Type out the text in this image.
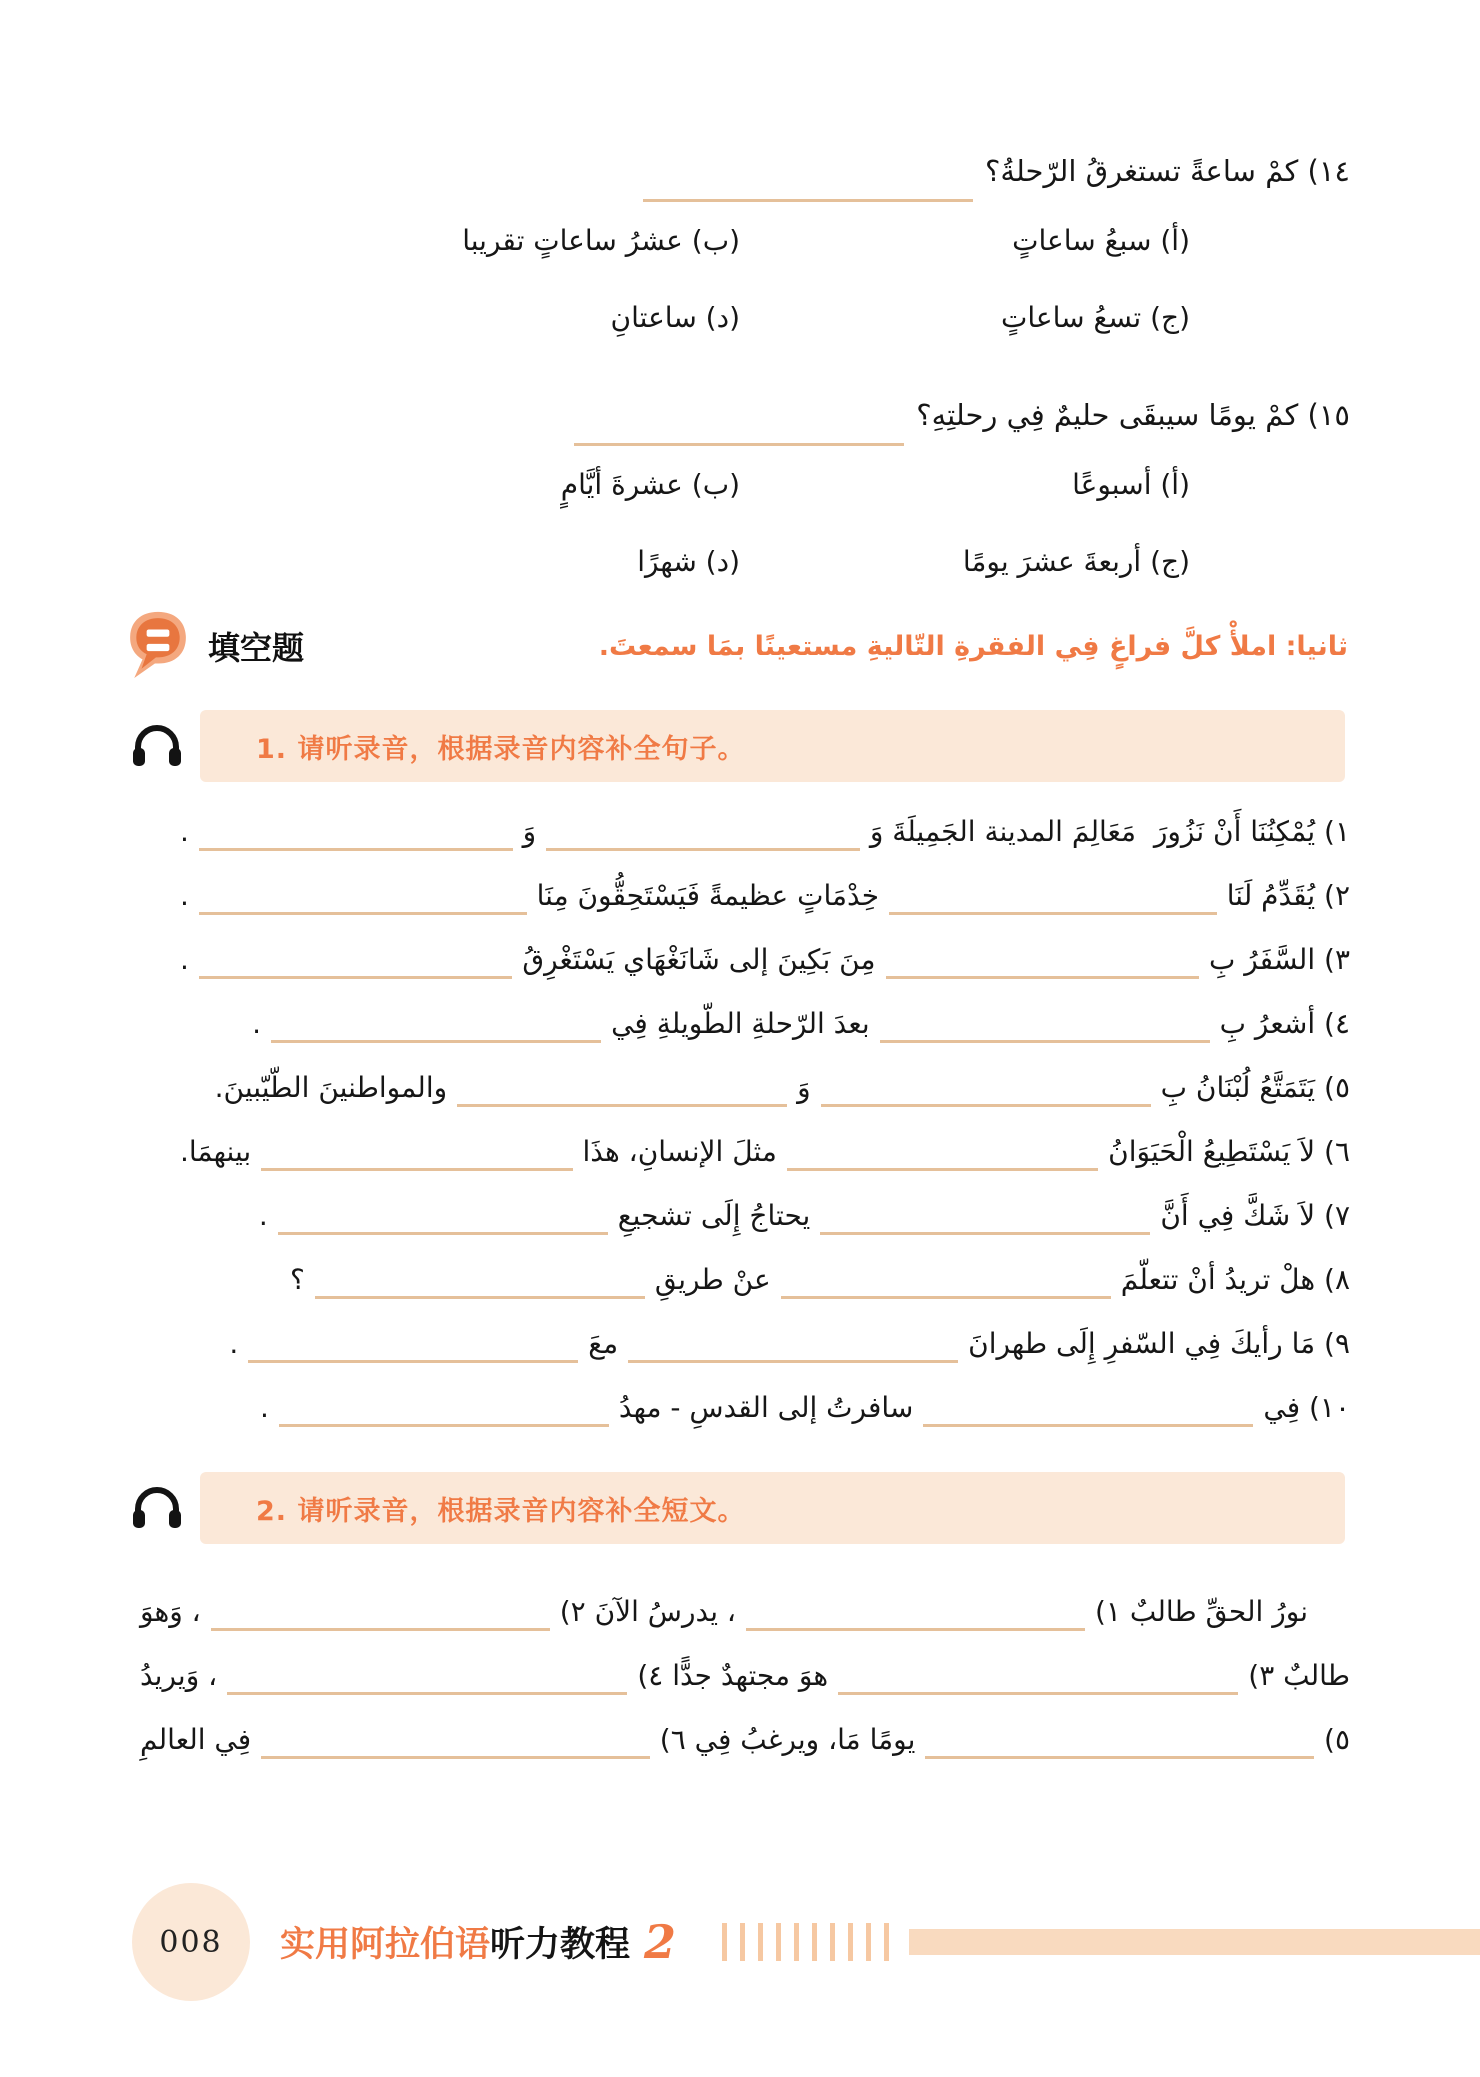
١٤) كمْ ساعةً تستغرقُ الرّحلةُ؟
(أ) سبعُ ساعاتٍ
(ب) عشرُ ساعاتٍ تقريبا
(ج) تسعُ ساعاتٍ
(د) ساعتانِ
١٥) كمْ يومًا سيبقَى حليمٌ فِي رحلتِهِ؟
(أ) أسبوعًا
(ب) عشرةَ أيَّامٍ
(ج) أربعةَ عشرَ يومًا
(د) شهرًا
填空题	ثانيا: املأْ كلَّ فراغٍ فِي الفقرةِ التّاليةِ مستعينًا بمَا سمعتَ.
1. 请听录音，根据录音内容补全句子。
١) يُمْكِنُنَا أَنْ نَزُورَ  مَعَالِمَ المدينة الجَمِيلَةَ وَ
وَ
.
٢) يُقَدِّمُ لَنَا
خِدْمَاتٍ عظيمةً فَيَسْتَحِقُّونَ مِنَا
.
٣) السَّفَرُ بِ
مِنَ بَكِينَ إلى شَانَغْهَاي يَسْتَغْرِقُ
.
٤) أشعرُ بِ
بعدَ الرّحلةِ الطّويلةِ فِي
.
٥) يَتَمَتَّعُ لُبْنَانُ بِ
وَ
والمواطنينَ الطّيّبينَ.
٦) لاَ يَسْتَطِيعُ الْحَيَوَانُ
مثلَ الإنسانِ، هذَا
بينهمَا.
٧) لاَ شَكَّ فِي أَنَّ
يحتاجُ إِلَى تشجيعِ
.
٨) هلْ تريدُ أنْ تتعلّمَ
عنْ طريقِ
؟
٩) مَا رأيكَ فِي السّفرِ إِلَى طهرانَ
معَ
.
١٠) فِي
سافرتُ إلى القدسِ - مهدُ
.
2. 请听录音，根据录音内容补全短文。
نورُ الحقِّ طالبٌ ١)
، يدرسُ الآنَ ٢)
، وَهوَ
طالبٌ ٣)
هوَ مجتهدٌ جدًّا ٤)
، وَيريدُ
٥)
يومًا مَا، ويرغبُ فِي ٦)
فِي العالمِ
008 实用阿拉伯语听力教程 2
